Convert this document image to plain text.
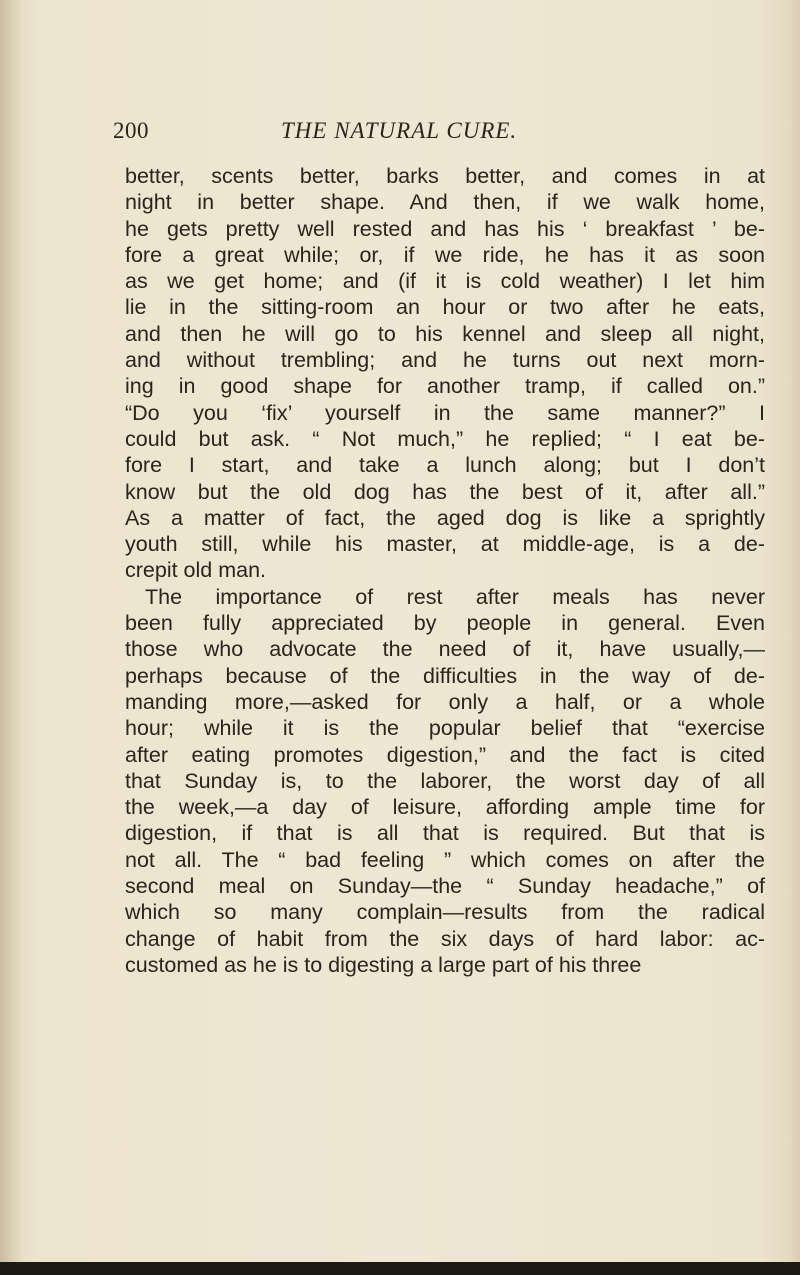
200	THE NATURAL CURE.
better, scents better, barks better, and comes in at
night in better shape. And then, if we walk home,
he gets pretty well rested and has his ‘ breakfast ’ be-
fore a great while; or, if we ride, he has it as soon
as we get home; and (if it is cold weather) I let him
lie in the sitting-room an hour or two after he eats,
and then he will go to his kennel and sleep all night,
and without trembling; and he turns out next morn-
ing in good shape for another tramp, if called on.”
“Do you ‘fix’ yourself in the same manner?” I
could but ask. “ Not much,” he replied; “ I eat be-
fore I start, and take a lunch along; but I don’t
know but the old dog has the best of it, after all.”
As a matter of fact, the aged dog is like a sprightly
youth still, while his master, at middle-age, is a de-
crepit old man.
The importance of rest after meals has never
been fully appreciated by people in general. Even
those who advocate the need of it, have usually,—
perhaps because of the difficulties in the way of de-
manding more,—asked for only a half, or a whole
hour; while it is the popular belief that “exercise
after eating promotes digestion,” and the fact is cited
that Sunday is, to the laborer, the worst day of all
the week,—a day of leisure, affording ample time for
digestion, if that is all that is required. But that is
not all. The “ bad feeling ” which comes on after the
second meal on Sunday—the “ Sunday headache,” of
which so many complain—results from the radical
change of habit from the six days of hard labor: ac-
customed as he is to digesting a large part of his three
